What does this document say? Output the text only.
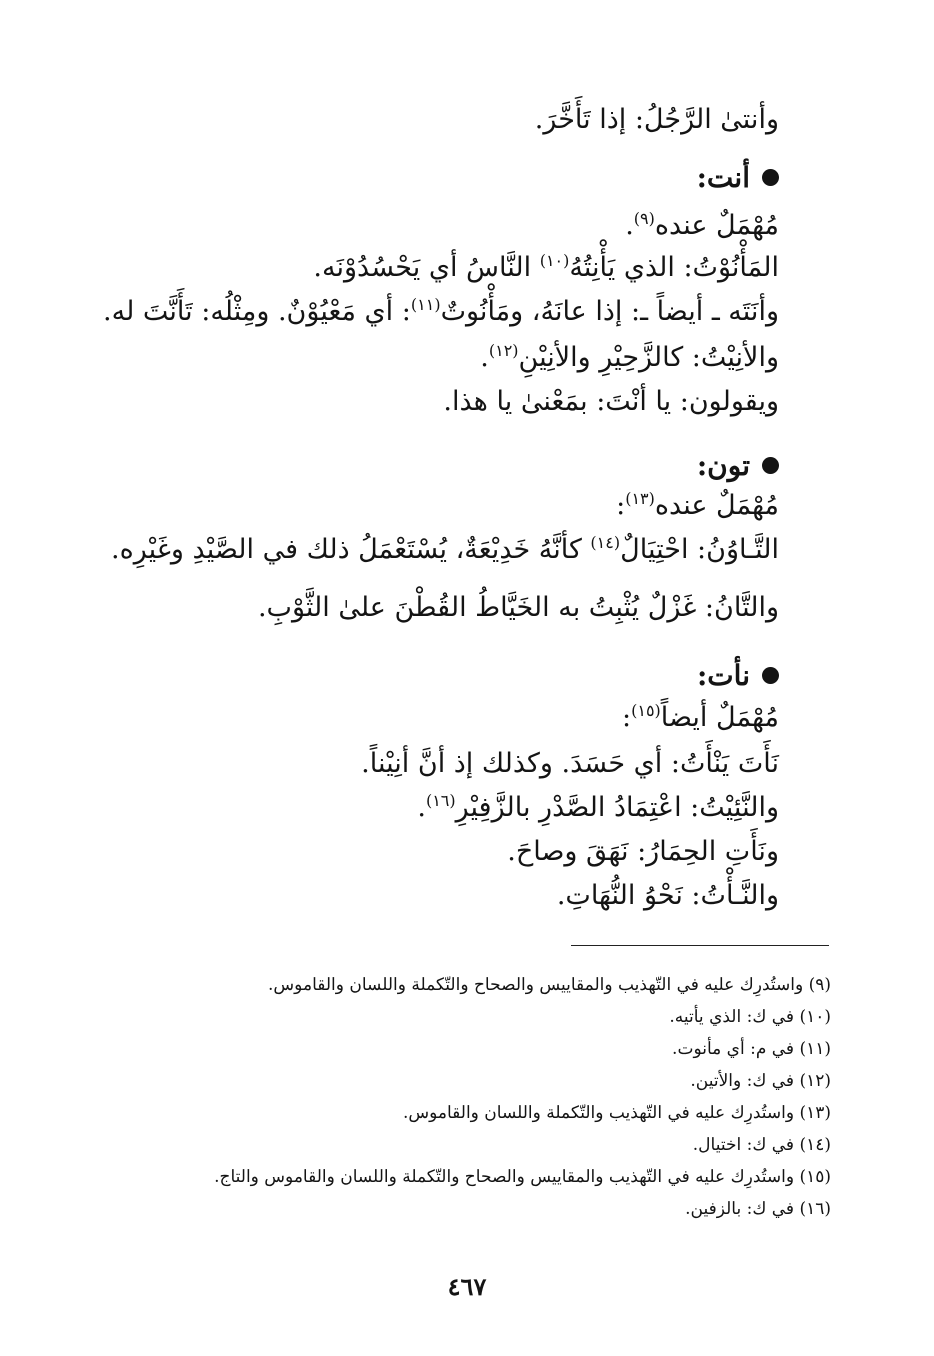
وأنتىٰ الرَّجُلُ: إذا تَأَخَّرَ.
أنت:
مُهْمَلٌ عنده$^{(٩)}$.
المَأْنُوْتُ: الذي يَأْنِتُهُ$^{(١٠)}$ النَّاسُ أي يَحْسُدُوْنَه.
وأنَتَه ـ أيضاً ـ: إذا عانَهُ، ومَأْنُوتٌ$^{(١١)}$: أي مَعْيُوْنٌ. ومِثْلُه: تَأَنَّتَ له.
والأنِيْتُ: كالزَّحِيْرِ والأنِيْنِ$^{(١٢)}$.
ويقولون: يا أنْتَ: بمَعْنىٰ يا هذا.
تون:
مُهْمَلٌ عنده$^{(١٣)}$:
التَّـاوُنُ: احْتِيَالٌ$^{(١٤)}$ كأنَّهُ خَدِيْعَةٌ، يُسْتَعْمَلُ ذلك في الصَّيْدِ وغَيْرِه.
والتَّانُ: غَزْلٌ يُثْبِتُ به الخَيَّاطُ القُطْنَ علىٰ الثَّوْبِ.
نأت:
مُهْمَلٌ أيضاً$^{(١٥)}$:
نَأَتَ يَنْأَتُ: أي حَسَدَ. وكذلك إذ أنَّ أنِيْناً.
والنَّئِيْتُ: اعْتِمَادُ الصَّدْرِ بالزَّفِيْرِ$^{(١٦)}$.
ونَأَتِ الحِمَارُ: نَهَقَ وصاحَ.
والنَّـأْتُ: نَحْوُ النُّهَاتِ.
(٩) واستُدرِك عليه في التّهذيب والمقاييس والصحاح والتّكملة واللسان والقاموس.
(١٠) في ك: الذي يأتيه.
(١١) في م: أي مأنوت.
(١٢) في ك: والأتين.
(١٣) واستُدرِك عليه في التّهذيب والتّكملة واللسان والقاموس.
(١٤) في ك: اختيال.
(١٥) واستُدرِك عليه في التّهذيب والمقاييس والصحاح والتّكملة واللسان والقاموس والتاج.
(١٦) في ك: بالزفين.
٤٦٧
